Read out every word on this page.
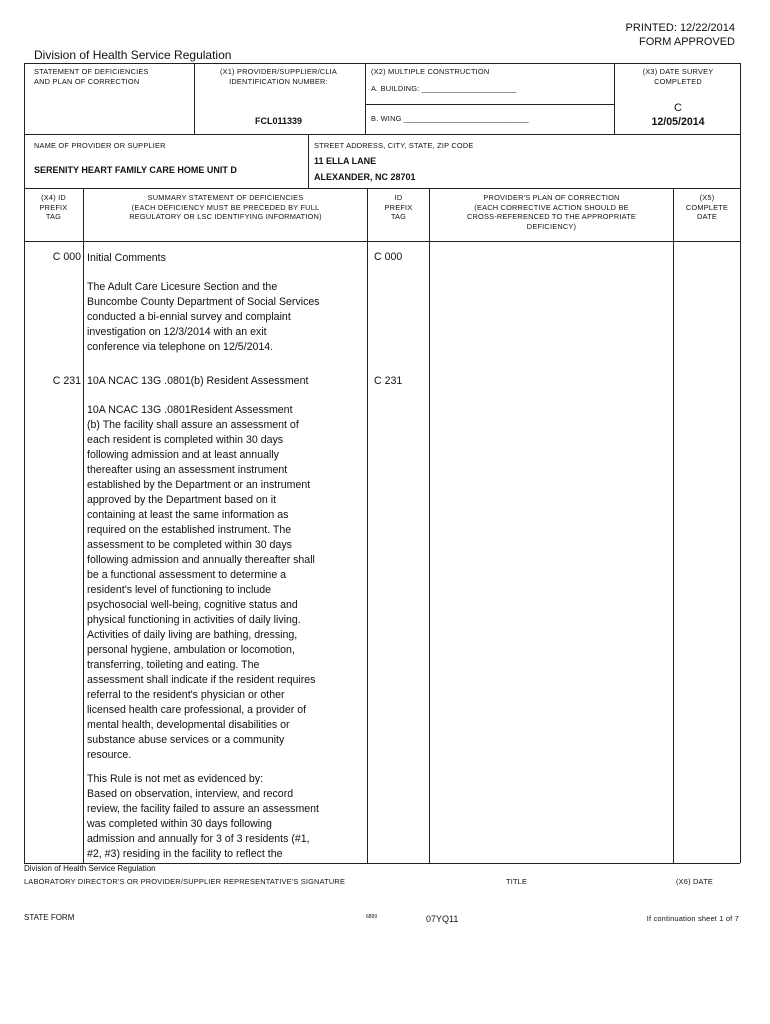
PRINTED: 12/22/2014
FORM APPROVED
Division of Health Service Regulation
STATEMENT OF DEFICIENCIES
AND PLAN OF CORRECTION
(X1) PROVIDER/SUPPLIER/CLIA
IDENTIFICATION NUMBER:
FCL011339
(X2) MULTIPLE CONSTRUCTION
A. BUILDING: ______________________
B. WING _____________________________
(X3) DATE SURVEY
COMPLETED
C
12/05/2014
NAME OF PROVIDER OR SUPPLIER
SERENITY HEART FAMILY CARE HOME UNIT D
STREET ADDRESS, CITY, STATE, ZIP CODE
11 ELLA LANE
ALEXANDER, NC 28701
(X4) ID
PREFIX
TAG
SUMMARY STATEMENT OF DEFICIENCIES
(EACH DEFICIENCY MUST BE PRECEDED BY FULL
REGULATORY OR LSC IDENTIFYING INFORMATION)
ID
PREFIX
TAG
PROVIDER'S PLAN OF CORRECTION
(EACH CORRECTIVE ACTION SHOULD BE
CROSS-REFERENCED TO THE APPROPRIATE
DEFICIENCY)
(X5)
COMPLETE
DATE
C 000 Initial Comments	C 000
The Adult Care Licesure Section and the
Buncombe County Department of Social Services
conducted a bi-ennial survey and complaint
investigation on 12/3/2014 with an exit
conference via telephone on 12/5/2014.
C 231 10A NCAC 13G .0801(b) Resident Assessment	C 231
10A NCAC 13G .0801Resident Assessment
(b) The facility shall assure an assessment of
each resident is completed within 30 days
following admission and at least annually
thereafter using an assessment instrument
established by the Department or an instrument
approved by the Department based on it
containing at least the same information as
required on the established instrument. The
assessment to be completed within 30 days
following admission and annually thereafter shall
be a functional assessment to determine a
resident's level of functioning to include
psychosocial well-being, cognitive status and
physical functioning in activities of daily living.
Activities of daily living are bathing, dressing,
personal hygiene, ambulation or locomotion,
transferring, toileting and eating. The
assessment shall indicate if the resident requires
referral to the resident's physician or other
licensed health care professional, a provider of
mental health, developmental disabilities or
substance abuse services or a community
resource.
This Rule is not met as evidenced by:
Based on observation, interview, and record
review, the facility failed to assure an assessment
was completed within 30 days following
admission and annually for 3 of 3 residents (#1,
#2, #3) residing in the facility to reflect the
Division of Health Service Regulation
LABORATORY DIRECTOR'S OR PROVIDER/SUPPLIER REPRESENTATIVE'S SIGNATURE	TITLE	(X6) DATE
STATE FORM	6899	07YQ11	If continuation sheet 1 of 7
